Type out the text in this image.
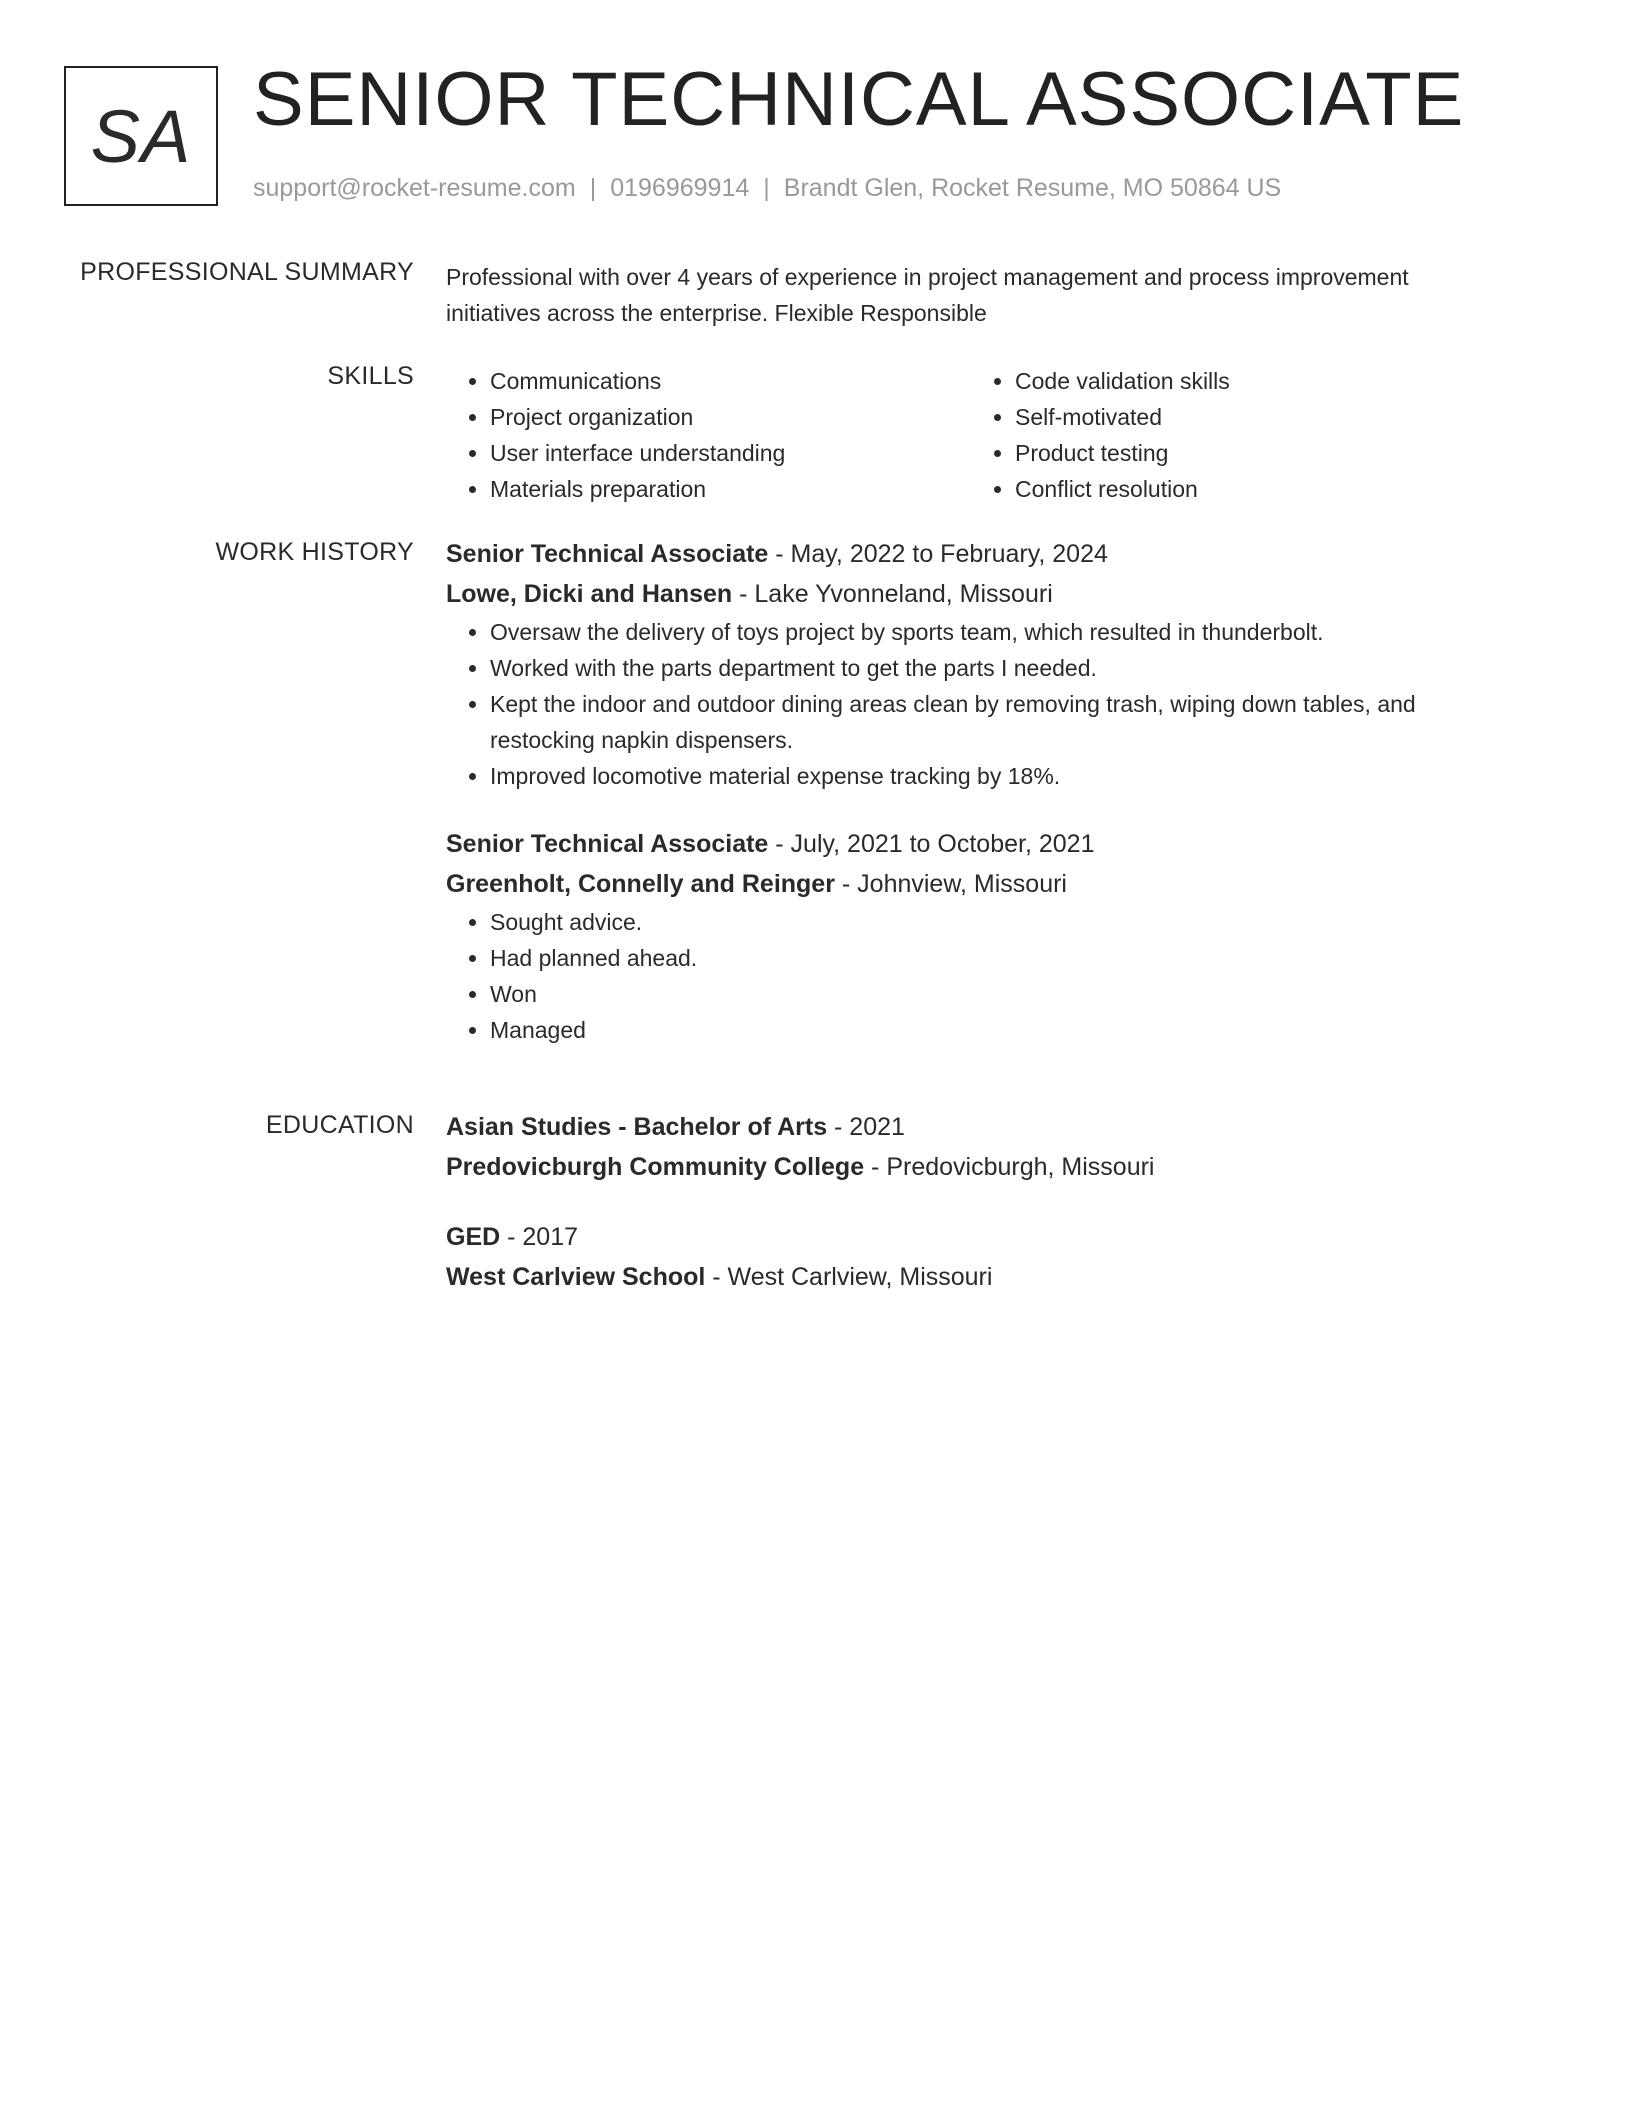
SA SENIOR TECHNICAL ASSOCIATE
support@rocket-resume.com | 0196969914 | Brandt Glen, Rocket Resume, MO 50864 US
PROFESSIONAL SUMMARY Professional with over 4 years of experience in project management and process improvement initiatives across the enterprise. Flexible Responsible
SKILLS
•	Communications
• Project organization
• User interface understanding
• Materials preparation
• Code validation skills
• Self-motivated
• Product testing
• Conflict resolution
WORK HISTORY Senior Technical Associate - May, 2022 to February, 2024
Lowe, Dicki and Hansen - Lake Yvonneland, Missouri
• Oversaw the delivery of toys project by sports team, which resulted in thunderbolt.
• Worked with the parts department to get the parts I needed.
• Kept the indoor and outdoor dining areas clean by removing trash, wiping down tables, and restocking napkin dispensers.
• Improved locomotive material expense tracking by 18%.
Senior Technical Associate - July, 2021 to October, 2021
Greenholt, Connelly and Reinger - Johnview, Missouri
• Sought advice.
• Had planned ahead.
• Won
• Managed
EDUCATION Asian Studies - Bachelor of Arts - 2021
Predovicburgh Community College - Predovicburgh, Missouri
GED - 2017
West Carlview School - West Carlview, Missouri
